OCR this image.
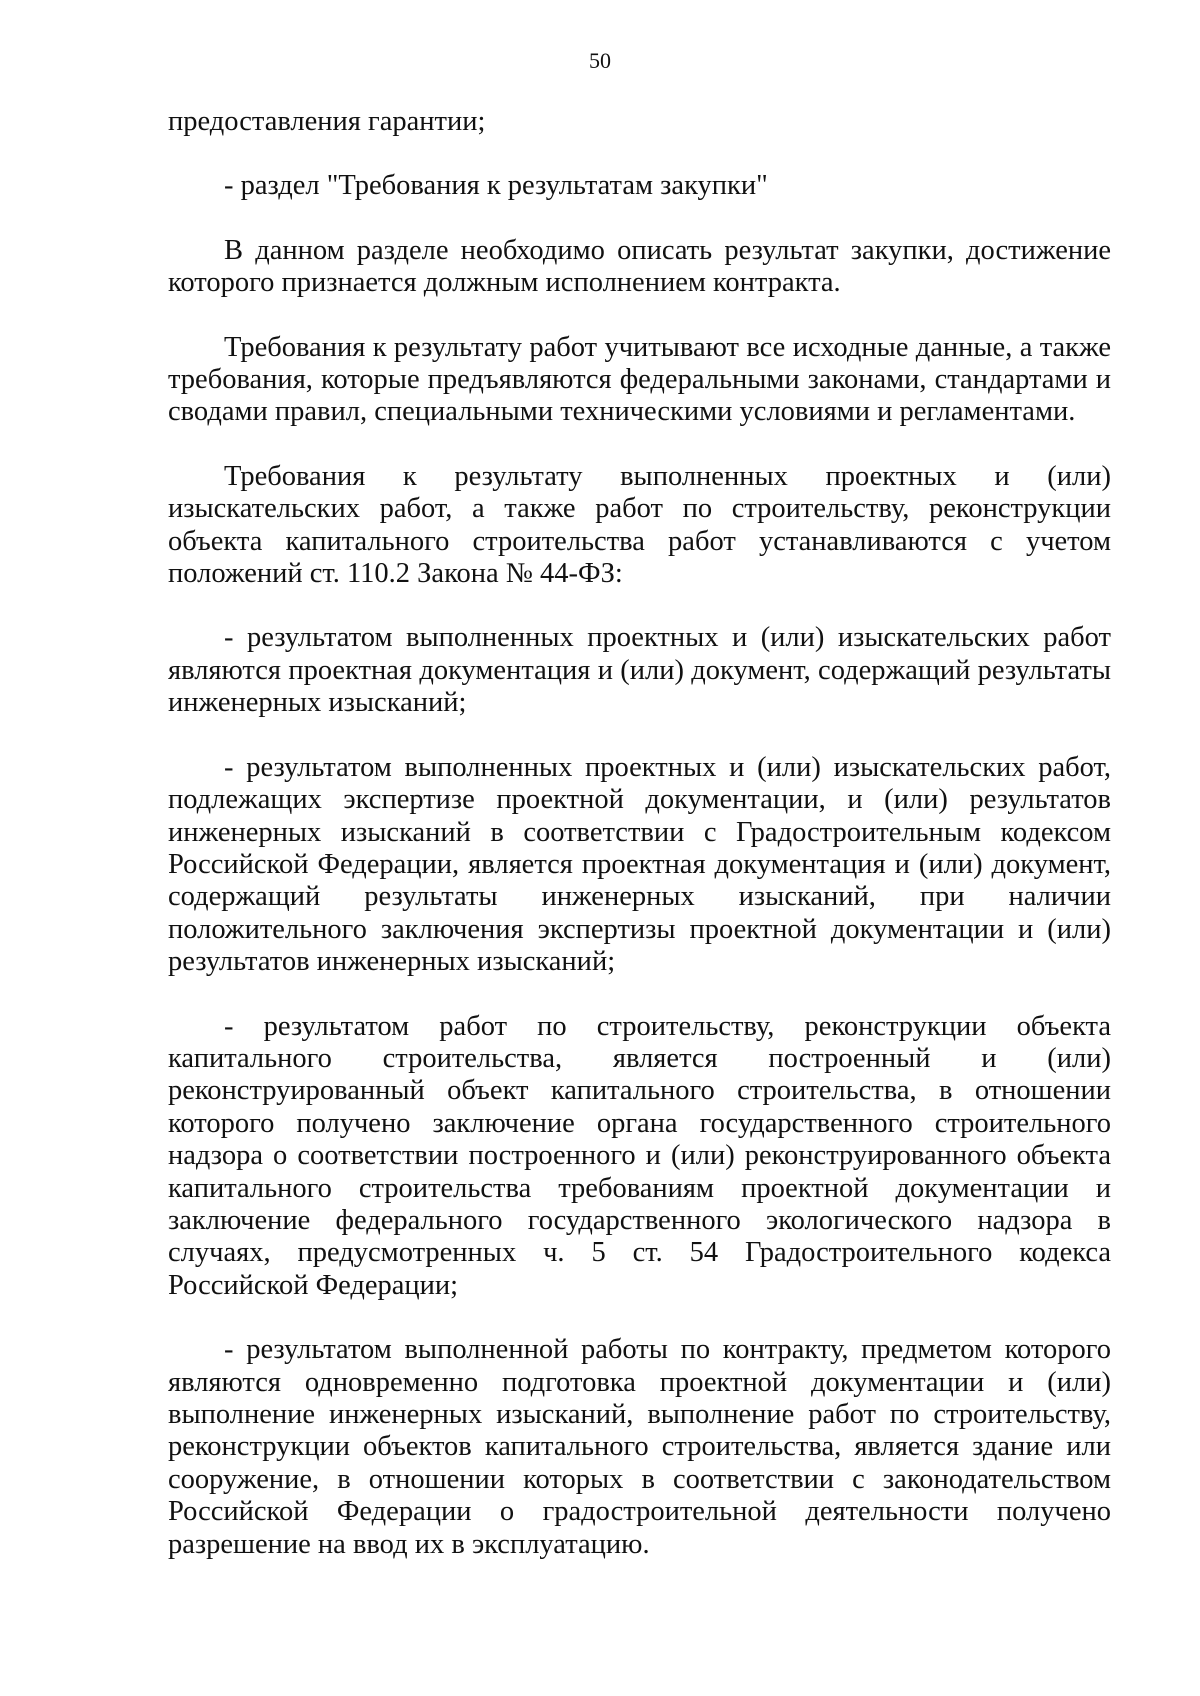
50

предоставления гарантии;

- раздел "Требования к результатам закупки"

В данном разделе необходимо описать результат закупки, достижение которого признается должным исполнением контракта.

Требования к результату работ учитывают все исходные данные, а также требования, которые предъявляются федеральными законами, стандартами и сводами правил, специальными техническими условиями и регламентами.

Требования к результату выполненных проектных и (или) изыскательских работ, а также работ по строительству, реконструкции объекта капитального строительства работ устанавливаются с учетом положений ст. 110.2 Закона № 44-ФЗ:

- результатом выполненных проектных и (или) изыскательских работ являются проектная документация и (или) документ, содержащий результаты инженерных изысканий;

- результатом выполненных проектных и (или) изыскательских работ, подлежащих экспертизе проектной документации, и (или) результатов инженерных изысканий в соответствии с Градостроительным кодексом Российской Федерации, является проектная документация и (или) документ, содержащий результаты инженерных изысканий, при наличии положительного заключения экспертизы проектной документации и (или) результатов инженерных изысканий;

- результатом работ по строительству, реконструкции объекта капитального строительства, является построенный и (или) реконструированный объект капитального строительства, в отношении которого получено заключение органа государственного строительного надзора о соответствии построенного и (или) реконструированного объекта капитального строительства требованиям проектной документации и заключение федерального государственного экологического надзора в случаях, предусмотренных ч. 5 ст. 54 Градостроительного кодекса Российской Федерации;

- результатом выполненной работы по контракту, предметом которого являются одновременно подготовка проектной документации и (или) выполнение инженерных изысканий, выполнение работ по строительству, реконструкции объектов капитального строительства, является здание или сооружение, в отношении которых в соответствии с законодательством Российской Федерации о градостроительной деятельности получено разрешение на ввод их в эксплуатацию.
